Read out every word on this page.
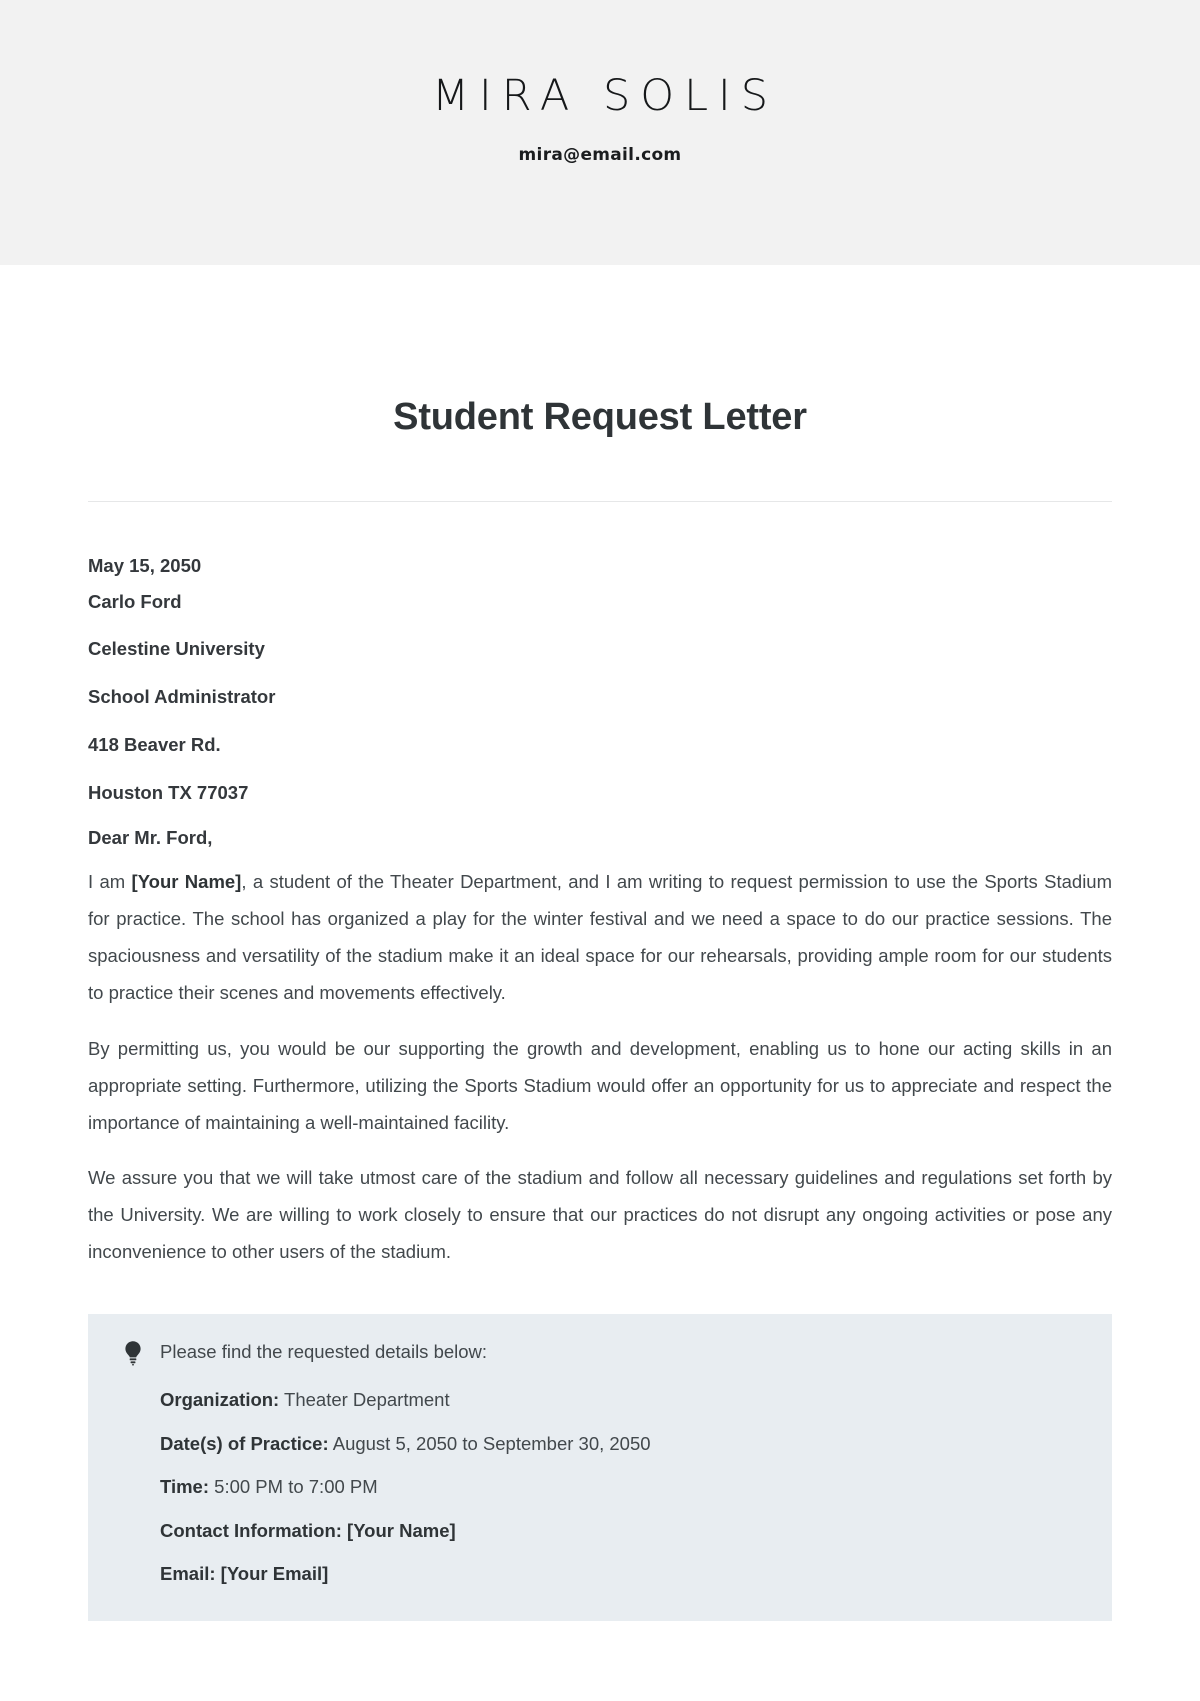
MIRA SOLIS
mira@email.com
Student Request Letter
May 15, 2050
Carlo Ford
Celestine University
School Administrator
418 Beaver Rd.
Houston TX 77037
Dear Mr. Ford,

I am [Your Name], a student of the Theater Department, and I am writing to request permission to use the Sports Stadium for practice. The school has organized a play for the winter festival and we need a space to do our practice sessions. The spaciousness and versatility of the stadium make it an ideal space for our rehearsals, providing ample room for our students to practice their scenes and movements effectively.

By permitting us, you would be our supporting the growth and development, enabling us to hone our acting skills in an appropriate setting. Furthermore, utilizing the Sports Stadium would offer an opportunity for us to appreciate and respect the importance of maintaining a well-maintained facility.

We assure you that we will take utmost care of the stadium and follow all necessary guidelines and regulations set forth by the University. We are willing to work closely to ensure that our practices do not disrupt any ongoing activities or pose any inconvenience to other users of the stadium.

Please find the requested details below:
Organization: Theater Department
Date(s) of Practice: August 5, 2050 to September 30, 2050
Time: 5:00 PM to 7:00 PM
Contact Information: [Your Name]
Email: [Your Email]
